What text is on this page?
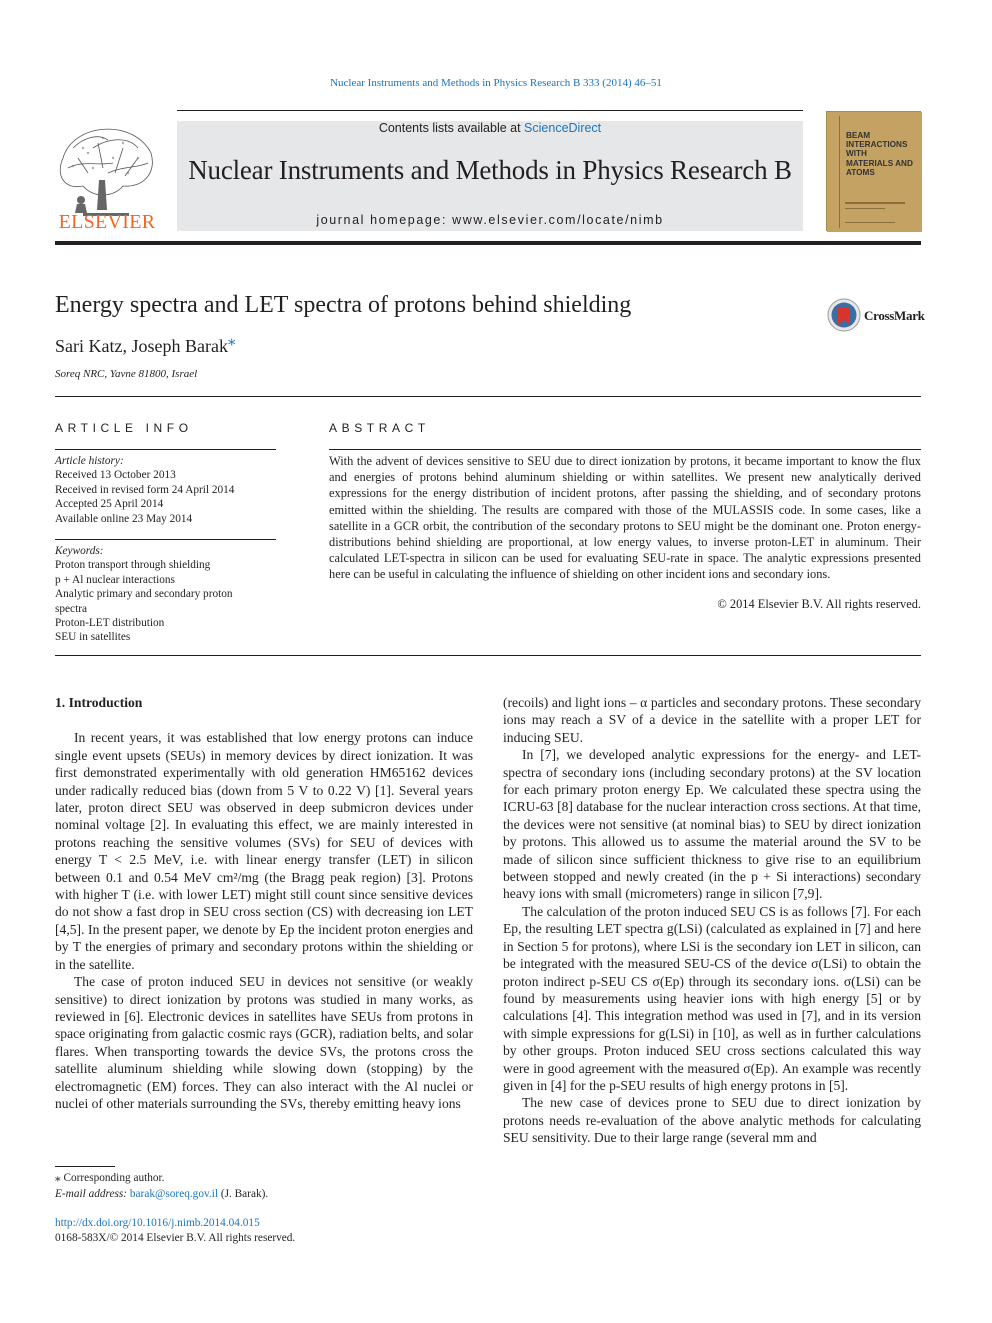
Nuclear Instruments and Methods in Physics Research B 333 (2014) 46–51
ELSEVIER
Contents lists available at ScienceDirect
Nuclear Instruments and Methods in Physics Research B
journal homepage: www.elsevier.com/locate/nimb
BEAM INTERACTIONS WITH MATERIALS AND ATOMS
Energy spectra and LET spectra of protons behind shielding	CrossMark
Sari Katz, Joseph Barak⁎
Soreq NRC, Yavne 81800, Israel
ARTICLE INFO
Article history:
Received 13 October 2013
Received in revised form 24 April 2014
Accepted 25 April 2014
Available online 23 May 2014
Keywords:
Proton transport through shielding
p + Al nuclear interactions
Analytic primary and secondary proton
spectra
Proton-LET distribution
SEU in satellites
ABSTRACT
With the advent of devices sensitive to SEU due to direct ionization by protons, it became important to know the flux and energies of protons behind aluminum shielding or within satellites. We present new analytically derived expressions for the energy distribution of incident protons, after passing the shielding, and of secondary protons emitted within the shielding. The results are compared with those of the MULASSIS code. In some cases, like a satellite in a GCR orbit, the contribution of the secondary protons to SEU might be the dominant one. Proton energy-distributions behind shielding are proportional, at low energy values, to inverse proton-LET in aluminum. Their calculated LET-spectra in silicon can be used for evaluating SEU-rate in space. The analytic expressions presented here can be useful in calculating the influence of shielding on other incident ions and secondary ions.
© 2014 Elsevier B.V. All rights reserved.
1. Introduction

In recent years, it was established that low energy protons can induce single event upsets (SEUs) in memory devices by direct ionization. It was first demonstrated experimentally with old generation HM65162 devices under radically reduced bias (down from 5 V to 0.22 V) [1]. Several years later, proton direct SEU was observed in deep submicron devices under nominal voltage [2]. In evaluating this effect, we are mainly interested in protons reaching the sensitive volumes (SVs) for SEU of devices with energy T < 2.5 MeV, i.e. with linear energy transfer (LET) in silicon between 0.1 and 0.54 MeV cm²/mg (the Bragg peak region) [3]. Protons with higher T (i.e. with lower LET) might still count since sensitive devices do not show a fast drop in SEU cross section (CS) with decreasing ion LET [4,5]. In the present paper, we denote by Ep the incident proton energies and by T the energies of primary and secondary protons within the shielding or in the satellite.

The case of proton induced SEU in devices not sensitive (or weakly sensitive) to direct ionization by protons was studied in many works, as reviewed in [6]. Electronic devices in satellites have SEUs from protons in space originating from galactic cosmic rays (GCR), radiation belts, and solar flares. When transporting towards the device SVs, the protons cross the satellite aluminum shielding while slowing down (stopping) by the electromagnetic (EM) forces. They can also interact with the Al nuclei or nuclei of other materials surrounding the SVs, thereby emitting heavy ions

(recoils) and light ions – α particles and secondary protons. These secondary ions may reach a SV of a device in the satellite with a proper LET for inducing SEU.

In [7], we developed analytic expressions for the energy- and LET-spectra of secondary ions (including secondary protons) at the SV location for each primary proton energy Ep. We calculated these spectra using the ICRU-63 [8] database for the nuclear interaction cross sections. At that time, the devices were not sensitive (at nominal bias) to SEU by direct ionization by protons. This allowed us to assume the material around the SV to be made of silicon since sufficient thickness to give rise to an equilibrium between stopped and newly created (in the p + Si interactions) secondary heavy ions with small (micrometers) range in silicon [7,9].

The calculation of the proton induced SEU CS is as follows [7]. For each Ep, the resulting LET spectra g(LSi) (calculated as explained in [7] and here in Section 5 for protons), where LSi is the secondary ion LET in silicon, can be integrated with the measured SEU-CS of the device σ(LSi) to obtain the proton indirect p-SEU CS σ(Ep) through its secondary ions. σ(LSi) can be found by measurements using heavier ions with high energy [5] or by calculations [4]. This integration method was used in [7], and in its version with simple expressions for g(LSi) in [10], as well as in further calculations by other groups. Proton induced SEU cross sections calculated this way were in good agreement with the measured σ(Ep). An example was recently given in [4] for the p-SEU results of high energy protons in [5].

The new case of devices prone to SEU due to direct ionization by protons needs re-evaluation of the above analytic methods for calculating SEU sensitivity. Due to their large range (several mm and

⁎ Corresponding author.
E-mail address: barak@soreq.gov.il (J. Barak).
http://dx.doi.org/10.1016/j.nimb.2014.04.015
0168-583X/© 2014 Elsevier B.V. All rights reserved.
